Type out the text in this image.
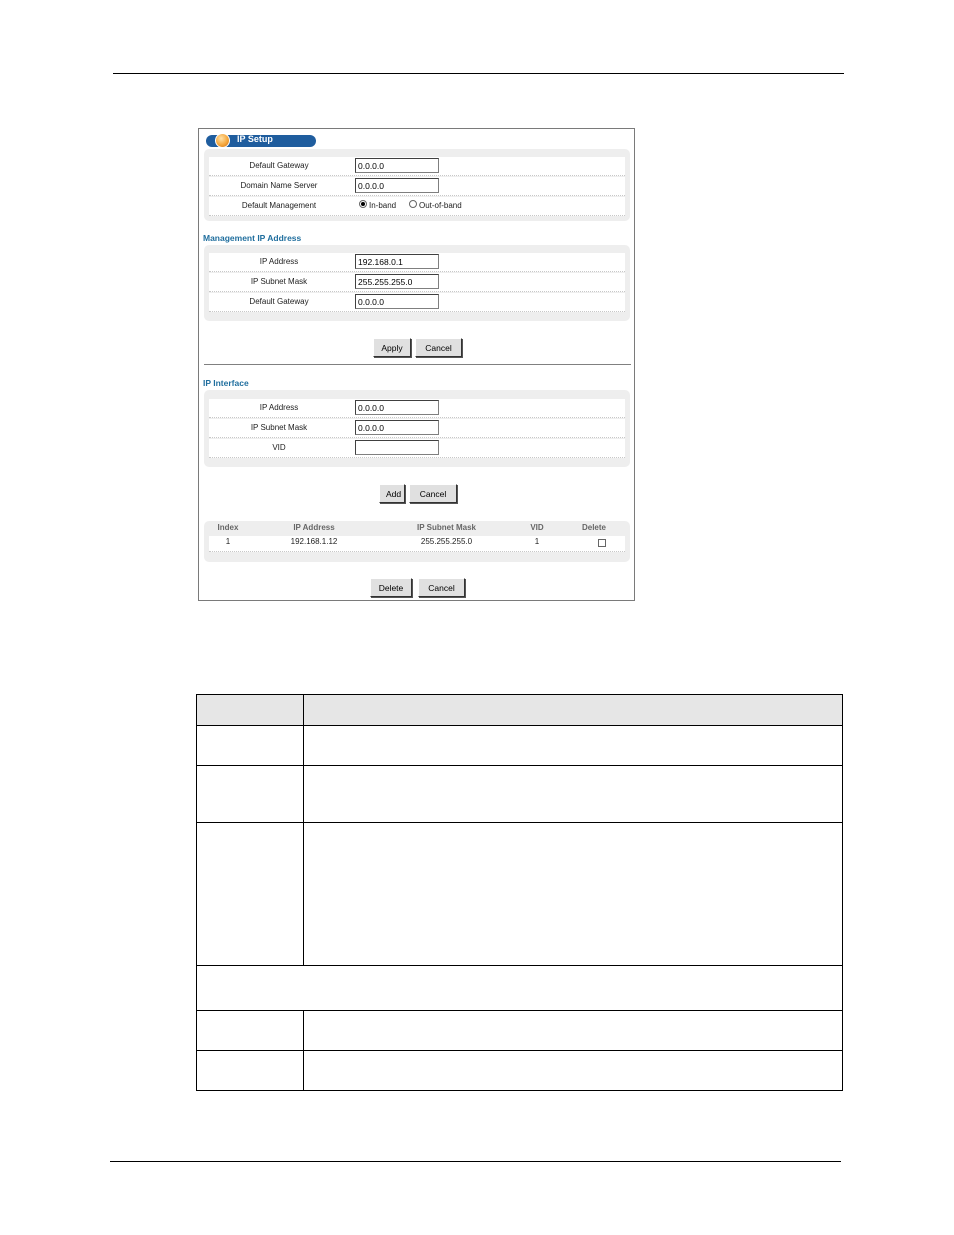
IP Setup
Default Gateway
0.0.0.0
Domain Name Server
0.0.0.0
Default Management	In-band	Out-of-band
Management IP Address
IP Address
192.168.0.1
IP Subnet Mask
255.255.255.0
Default Gateway
0.0.0.0
Apply	Cancel
IP Interface
IP Address
0.0.0.0
IP Subnet Mask
0.0.0.0
VID
Add	Cancel
Index	IP Address	IP Subnet Mask	VID	Delete
1	192.168.1.12	255.255.255.0	1
Delete	Cancel
